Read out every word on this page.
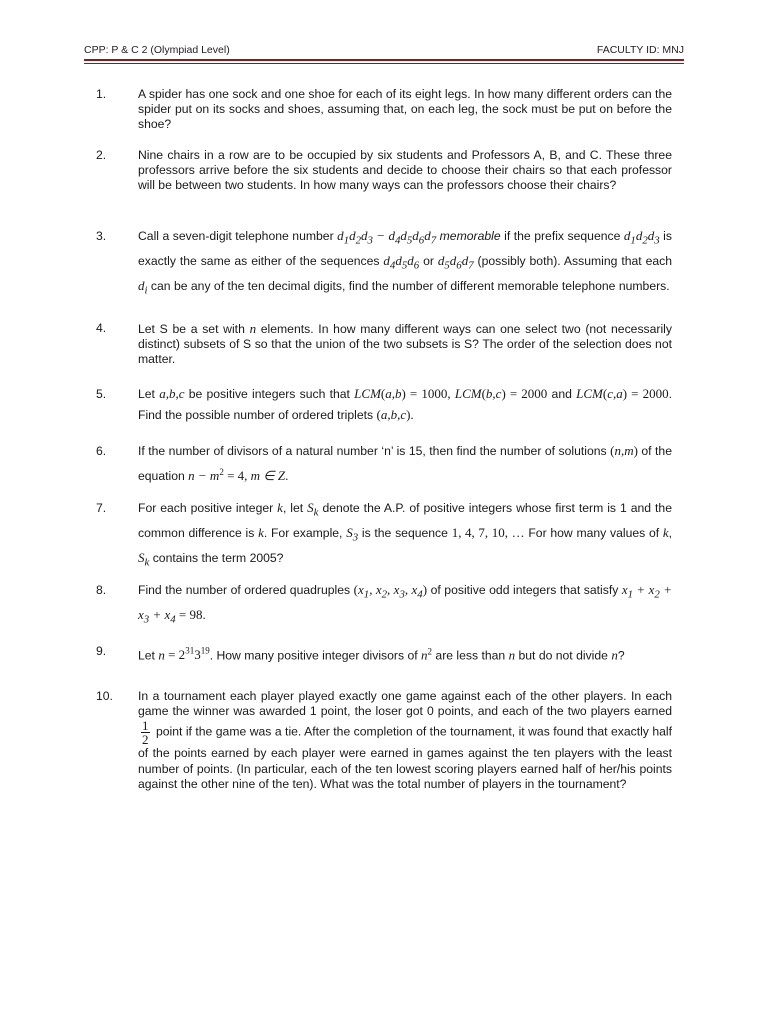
CPP: P & C 2 (Olympiad Level)	FACULTY ID: MNJ
1.	A spider has one sock and one shoe for each of its eight legs. In how many different orders can the spider put on its socks and shoes, assuming that, on each leg, the sock must be put on before the shoe?
2.	Nine chairs in a row are to be occupied by six students and Professors A, B, and C. These three professors arrive before the six students and decide to choose their chairs so that each professor will be between two students. In how many ways can the professors choose their chairs?
3.	Call a seven-digit telephone number $d_1d_2d_3 - d_4d_5d_6d_7$ memorable if the prefix sequence $d_1d_2d_3$ is exactly the same as either of the sequences $d_4d_5d_6$ or $d_5d_6d_7$ (possibly both). Assuming that each $d_i$ can be any of the ten decimal digits, find the number of different memorable telephone numbers.
4.	Let S be a set with n elements. In how many different ways can one select two (not necessarily distinct) subsets of S so that the union of the two subsets is S? The order of the selection does not matter.
5.	Let a,b,c be positive integers such that LCM(a,b) = 1000, LCM(b,c) = 2000 and LCM(c,a) = 2000. Find the possible number of ordered triplets (a,b,c).
6.	If the number of divisors of a natural number ‘n’ is 15, then find the number of solutions (n,m) of the equation $n - m^2 = 4$, m ∈ Z.
7.	For each positive integer k, let $S_k$ denote the A.P. of positive integers whose first term is 1 and the common difference is k. For example, $S_3$ is the sequence 1, 4, 7, 10, … For how many values of k, $S_k$ contains the term 2005?
8.	Find the number of ordered quadruples ($x_1$, $x_2$, $x_3$, $x_4$) of positive odd integers that satisfy $x_1 + x_2 + x_3 + x_4 = 98$.
9.	Let $n = 2^{31}3^{19}$. How many positive integer divisors of $n^2$ are less than n but do not divide n?
10. In a tournament each player played exactly one game against each of the other players. In each game the winner was awarded 1 point, the loser got 0 points, and each of the two players earned
$\frac{1}{2}$ point if the game was a tie. After the completion of the tournament, it was found that exactly half of the points earned by each player were earned in games against the ten players with the least number of points. (In particular, each of the ten lowest scoring players earned half of her/his points against the other nine of the ten). What was the total number of players in the tournament?
